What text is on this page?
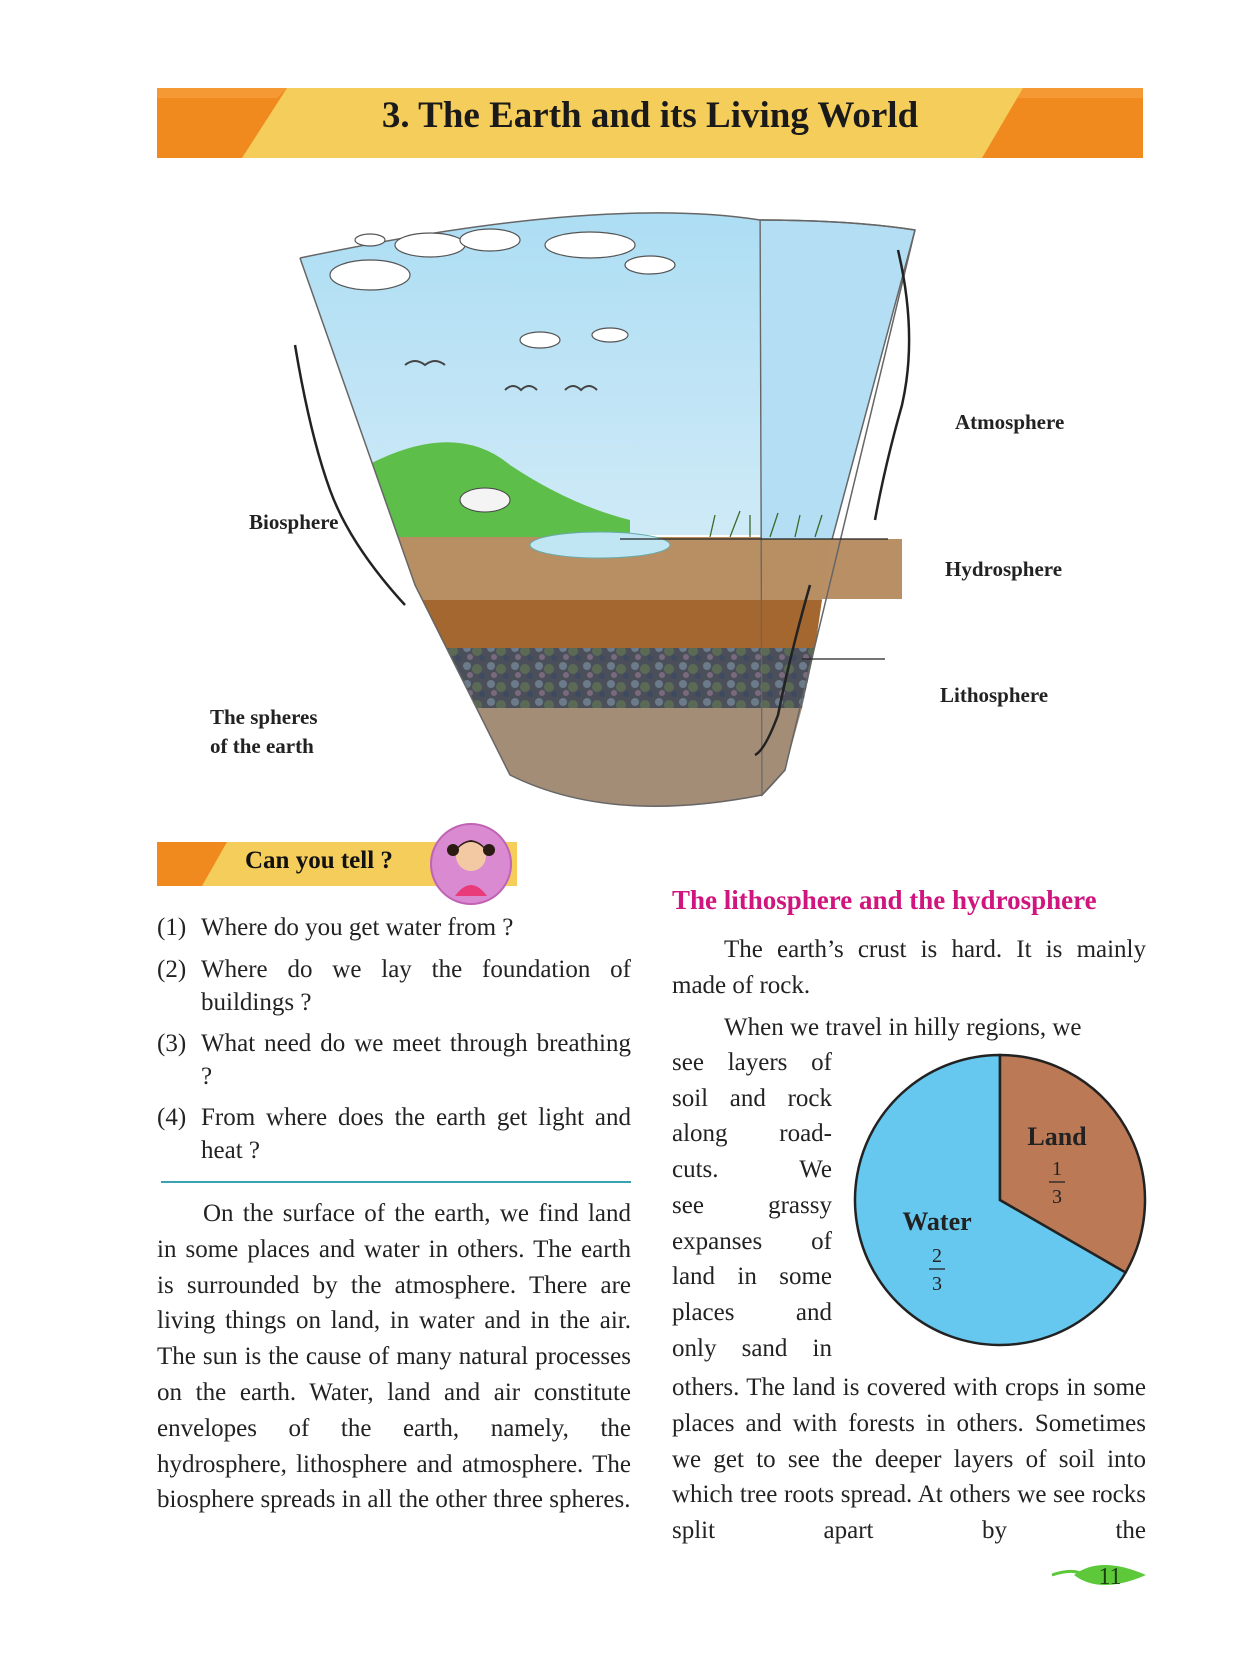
3. The Earth and its Living World
Atmosphere
Biosphere
Hydrosphere
Lithosphere
The spheres
of the earth
Can you tell ?
(1) Where do you get water from ?
(2) Where do we lay the foundation of buildings ?
(3) What need do we meet through breathing ?
(4) From where does the earth get light and heat ?
On the surface of the earth, we find land in some places and water in others. The earth is surrounded by the atmosphere. There are living things on land, in water and in the air. The sun is the cause of many natural processes on the earth. Water, land and air constitute envelopes of the earth, namely, the hydrosphere, lithosphere and atmosphere. The biosphere spreads in all the other three spheres.
The lithosphere and the hydrosphere
The earth’s crust is hard. It is mainly made of rock.
When we travel in hilly regions, we
see layers of
soil and rock
along road-
cuts. We
see grassy
expanses of
land in some
places and
only sand in
others. The land is covered with crops in some places and with forests in others. Sometimes we get to see the deeper layers of soil into which tree roots spread. At others we see rocks split apart by the
Land
1
3
Water
2
3
11
